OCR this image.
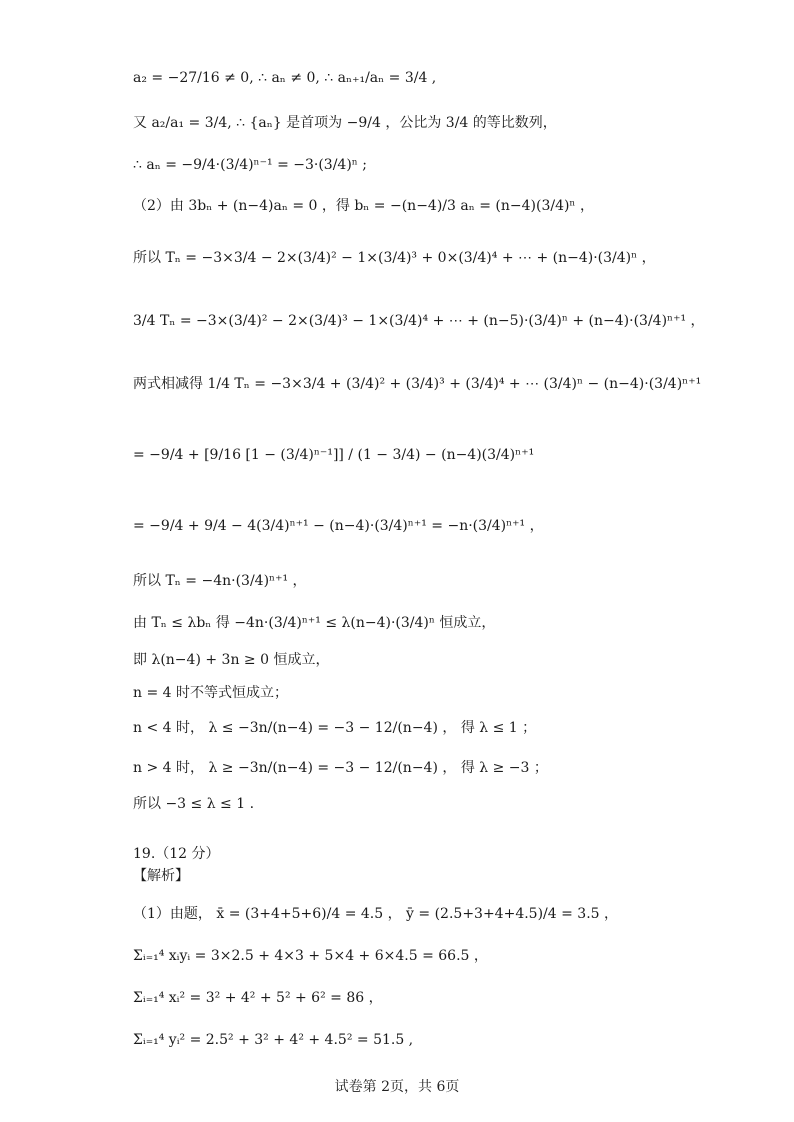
a₂ = −27/16 ≠ 0, ∴ aₙ ≠ 0, ∴ aₙ₊₁/aₙ = 3/4 ,
又 a₂/a₁ = 3/4, ∴ {aₙ} 是首项为 −9/4 ，公比为 3/4 的等比数列，
∴ aₙ = −9/4·(3/4)ⁿ⁻¹ = −3·(3/4)ⁿ ;
（2）由 3bₙ + (n−4)aₙ = 0 ，得 bₙ = −(n−4)/3 aₙ = (n−4)(3/4)ⁿ ，
所以 Tₙ = −3×3/4 − 2×(3/4)² − 1×(3/4)³ + 0×(3/4)⁴ + ⋯ + (n−4)·(3/4)ⁿ ，
3/4 Tₙ = −3×(3/4)² − 2×(3/4)³ − 1×(3/4)⁴ + ⋯ + (n−5)·(3/4)ⁿ + (n−4)·(3/4)ⁿ⁺¹ ，
两式相减得 1/4 Tₙ = −3×3/4 + (3/4)² + (3/4)³ + (3/4)⁴ + ⋯ (3/4)ⁿ − (n−4)·(3/4)ⁿ⁺¹
= −9/4 + [9/16 [1 − (3/4)ⁿ⁻¹]] / (1 − 3/4) − (n−4)(3/4)ⁿ⁺¹
= −9/4 + 9/4 − 4(3/4)ⁿ⁺¹ − (n−4)·(3/4)ⁿ⁺¹ = −n·(3/4)ⁿ⁺¹ ，
所以 Tₙ = −4n·(3/4)ⁿ⁺¹ ，
由 Tₙ ≤ λbₙ 得 −4n·(3/4)ⁿ⁺¹ ≤ λ(n−4)·(3/4)ⁿ 恒成立，
即 λ(n−4) + 3n ≥ 0 恒成立，
n = 4 时不等式恒成立；
n < 4 时， λ ≤ −3n/(n−4) = −3 − 12/(n−4) ， 得 λ ≤ 1 ；
n > 4 时， λ ≥ −3n/(n−4) = −3 − 12/(n−4) ， 得 λ ≥ −3 ；
所以 −3 ≤ λ ≤ 1 .
19.（12 分）
【解析】
（1）由题， x̄ = (3+4+5+6)/4 = 4.5 ， ȳ = (2.5+3+4+4.5)/4 = 3.5 ，
Σᵢ₌₁⁴ xᵢyᵢ = 3×2.5 + 4×3 + 5×4 + 6×4.5 = 66.5 ，
Σᵢ₌₁⁴ xᵢ² = 3² + 4² + 5² + 6² = 86 ，
Σᵢ₌₁⁴ yᵢ² = 2.5² + 3² + 4² + 4.5² = 51.5 ,
试卷第 2页，共 6页
